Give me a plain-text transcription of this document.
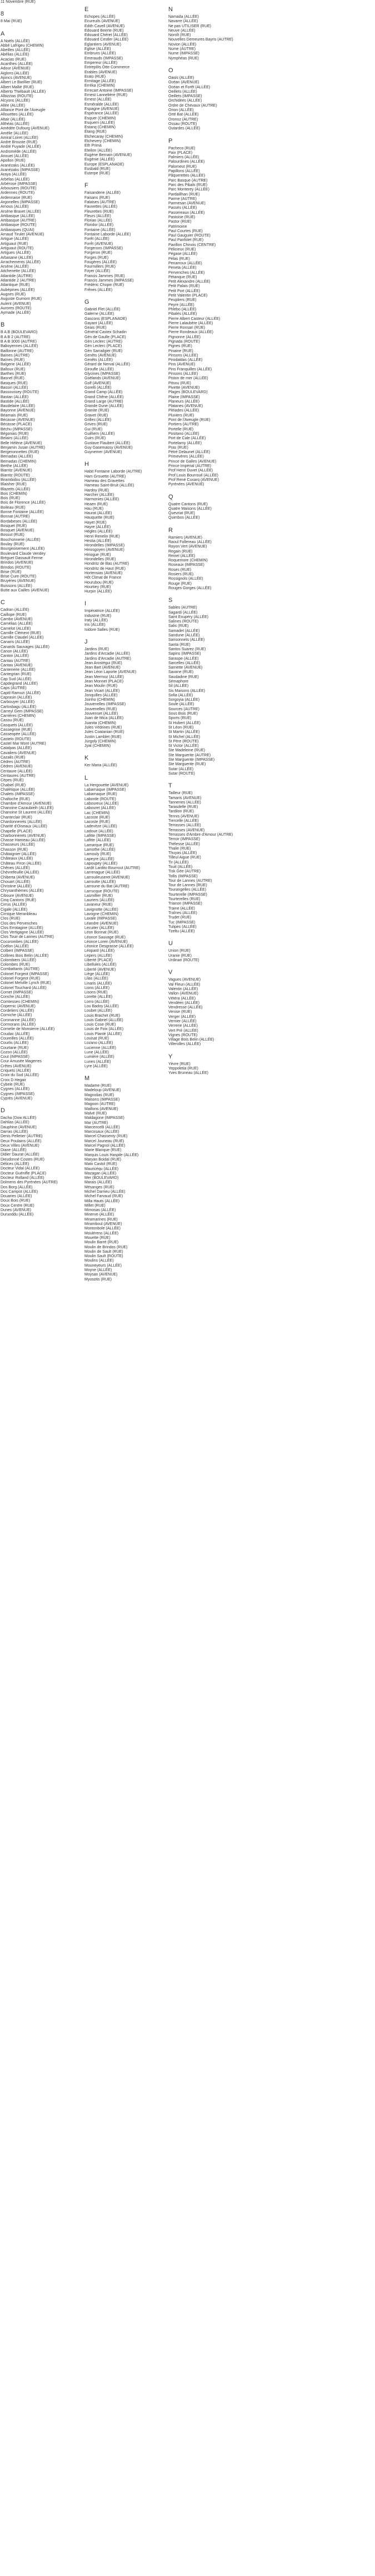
11 Novembre (RUE)
8
8 Mai (RUE)
A
A Noëls (ALLÉE)
Abbé Lafrigeu (CHEMIN)
Abeilles (ALLÉE)
Abélias (ALLÉE)
Acacias (RUE)
Acanthes (ALLÉE)
Adour (AVENUE)
Aiglons (ALLÉE)
Ajoncs (AVENUE)
Albert Le Barillier (RUE)
Albert Mallié (RUE)
Alberto Thiébault (ALLÉE)
Albizzias (ROUTE)
Alcyons (ALLÉE)
Allée (ALLÉE)
Alliance Pont de l'Aveugle
Allouettes (ALLÉE)
Altair (ALLÉE)
Althéas (ALLÉE)
Amédée Dufourg (AVENUE)
Amélie (ALLÉE)
Amiral Loiret (ALLÉE)
André Brouste (RUE)
André Fuyade (ALLÉE)
Andromède (ALLÉE)
Anouet (ALLÉE)
Apollon (RUE)
Aranézaks (ALLÉE)
Aranézaks (IMPASSE)
Araya (ALLÉE)
Arbélas (ALLÉE)
Arbérose (IMPASSE)
Arbousiers (ROUTE)
Ardennes (ROUTE)
Ardennaise (RUE)
Argonelles (IMPASSE)
Arnous (ALLÉE)
Arsène Bravet (ALLÉE)
Artibasque (ALLÉE)
Artibasque (AUTRE)
Artibasque (ROUTE)
Artibasques (QUAI)
Arnaud Tirulet (AVENUE)
Artigue (ALLÉE)
Artiguaut (RUE)
Artiguaut (ROUTE)
Artigues (ALLÉE)
Arbasane (ALLÉE)
Arrachements (ALLÉE)
Arsène (ALLÉE)
Aitchenette (ALLÉE)
Atlantide (AUTRE)
Atlantide 2 (AUTRE)
Atlantique (RUE)
Aubépines (ALLÉE)
Augnes (RUE)
Auguste Gumont (RUE)
Aulent (AVENUE)
Aurores (ROUTE)
Aymade (ALLÉE)
B
B A B (BOULEVARD)
B A B 2 (AUTRE)
B A B 3000 (AUTRE)
Baboyennes (ALLÉE)
Baillonne (AUTRE)
Baïnes (AUTRE)
Baïnes (RUE)
Balgerie (ALLÉE)
Balloux (RUE)
Barthes (RUE)
Basnel (RUE)
Basques (RUE)
Bassiri (ALLÉE)
Bassoussey (ROUTE)
Bastan (ALLÉE)
Bastide (ALLÉE)
Baudelaire (ALLÉE)
Bayonne (AVENUE)
Béarnais (RUE)
Bécasse (AVENUE)
Bécasse (PLACE)
Béchu (IMPASSE)
Bégonias (RUE)
Belairs (ALLÉE)
Belle Hélène (AVENUE)
Benjamin Jusan (AUTRE)
Bergeronnettes (RUE)
Bernadas (ALLÉE)
Bernadas (CHEMIN)
Berthe (ALLÉE)
Biarritz (AVENUE)
Biarritz (ROUTE)
Birambidou (ALLÉE)
Blaisher (RUE)
Blazetts (ALLÉE)
Bois (CHEMIN)
Bois (RUE)
Bois de Florence (ALLÉE)
Boileau (RUE)
Bonne Fontaine (ALLÉE)
Bonnat (AUTRE)
Bordabeses (ALLÉE)
Bosquet (RUE)
Bosquet (AVENUE)
Bossut (RUE)
Bouchonnerie (ALLÉE)
Boulay (RUE)
Bourgeoisement (ALLÉE)
Boulevard Claude Vendey
Bréguet Dassault Ferme
Brindos (AVENUE)
Brindos (ROUTE)
Brise (RUE)
Brise Cure (ROUTE)
Bruyères (AVENUE)
Buissons (ALLÉE)
Butte aux Cailles (AVENUE)
C
Cadran (ALLÉE)
Caillope (RUE)
Cambo (AVENUE)
Camélias (ALLÉE)
Camelot (ALLÉE)
Camille Clément (RUE)
Camille Claudel (ALLÉE)
Canaris (ALLÉE)
Canards Sauvages (ALLÉE)
Canon (ALLÉE)
Canton (ALLÉE)
Cantau (AUTRE)
Cantau (AVENUE)
Cantenerie (ALLÉE)
Cantegrian (RUE)
Cap Sud (ALLÉE)
Capdegrand (ALLÉE)
Caps (AUTRE)
Capitl Ramuzi (ALLÉE)
Caprasin (ALLÉE)
Carbouyer (ALLÉE)
Carlosbagu (ALLÉE)
Carreyl Gem (IMPASSE)
Carrières (CHEMIN)
Casou (RUE)
Casquets (ALLÉE)
Cassegrine (RUE)
Casseopée (ALLÉE)
Castelo (ROUTE)
Castel Mar Mont (AUTRE)
Catalpas (ALLÉE)
Cavaliers (AVENUE)
Cazalis (RUE)
Cèdres (AUTRE)
Cèdres (AVENUE)
Centaure (ALLÉE)
Centaures (AUTRE)
Cèpes (RUE)
Chabiel (RUE)
Chalétique (ALLÉE)
Chalets (IMPASSE)
Chaltoche (RUE)
Chambre d'Amour (AVENUE)
Chanoine Cazaubieih (ALLÉE)
Chanoine St Laurent (ALLÉE)
Chanteclair (RUE)
Chardonnerets (ALLÉE)
Charité d'Oiseaux (ALLÉE)
Chapelle (PLACE)
Charbonnerets (AVENUE)
Chasse Hameau (ALLÉE)
Chasseurs (ALLÉE)
Chasson (RUE)
Châtaignier (ALLÉE)
Châteaux (ALLÉE)
Château Piron (ALLÉE)
Chênes (ALLÉE)
Chèvrefeuille (ALLÉE)
Chiberta (AVENUE)
Chouart (ALLÉE)
Christine (ALLÉE)
Chrysanthèmes (ALLÉE)
Ciboure (AVENUE)
Cinq Cantons (RUE)
Cirrus (ALLÉE)
Cigale (ALLÉE)
Cirnique Meranbleau
Clos (RUE)
Clos des Pervenches
Clos Errotagine (ALLÉE)
Clos Vertigagne (ALLÉE)
Clos Touir de Lannes (AUTRE)
Cocorombes (ALLÉE)
Coëlon (ALLÉE)
Colbert (IMPASSE)
Collines Bois Belin (ALLÉE)
Colombiers (ALLÉE)
Colombes (RUE)
Combattants (AUTRE)
Colonel Forgeot (IMPASSE)
Colonel Forgeot (RUE)
Colonel Melville Lynch (RUE)
Colonel Touchard (ALLÉE)
Comet (IMPASSE)
Conche (ALLÉE)
Comtesses (CHEMIN)
Copernic (AVENUE)
Cordeliers (ALLÉE)
Corniche (ALLÉE)
Coronanne (ALLÉE)
Cormorans (ALLÉE)
Cornelie de Monsierre (ALLÉE)
Coudac (ALLÉE)
Coureilles (ALLÉE)
Courlis (ALLÉE)
Courtarie (RUE)
Cozon (ALLÉE)
Cout (IMPASSE)
Cour Amusée Magerres
Crêtes (AVENUE)
Criquets (ALLÉE)
Croix du Sud (ALLÉE)
Croix D Hegair
Cybele (RUE)
Cygnes (ALLÉE)
Cygnes (IMPASSE)
Cyprès (AVENUE)
D
Dacha (Dow ALLÉE)
Dahlias (ALLÉE)
Dauphine (AVENUE)
Darras (ALLÉE)
Denis Pelletier (AUTRE)
Deux Poulains (ALLÉE)
Deux Villes (AVENUE)
Diane (ALLÉE)
Didier Daurat (ALLÉE)
Dieudonné Costes (RUE)
Délices (ALLÉE)
Docteur Vidal (ALLÉE)
Docteur Guénifle (PLACE)
Docteur Rolland (ALLÉE)
Dolmens des Pyrénées (AUTRE)
Dos Borg (ALLÉE)
Dos Campot (ALLÉE)
Douanes (ALLÉE)
Doux Bois (RUE)
Doux Centre (RUE)
Dunes (AVENUE)
Duruoddu (ALLÉE)
E
Echopes (ALLÉE)
Ecureuils (AVENUE)
Edith Cavell (AVENUE)
Edouard Beerte (RUE)
Edouard Chéret (ALLÉE)
Edouard Cestler (ALLÉE)
Eglantiers (AVENUE)
Eglise (ALLÉE)
Embruns (ALLÉE)
Emerauds (IMPASSE)
Empereur (ALLÉE)
Entrepôts Otte Commerce
Erables (AVENUE)
Erato (RUE)
Ermitage (ALLÉE)
Erréka (CHEMIN)
Errecart Antoine (IMPASSE)
Ernest Lannebère (RUE)
Ernest (ALLÉE)
Esméralde (ALLÉE)
Espagne (AVENUE)
Espérance (ALLÉE)
Esquer (CHEMIN)
Esquerri (ALLÉE)
Estanq (CHEMIN)
Étang (RUE)
Etchecaray (CHEMIN)
Etchevery (CHEMIN)
Eth Prima
Eteilon (ALLÉE)
Eugène Bernain (AVENUE)
Eugénie (ALLÉE)
Europe (ESPLANADE)
Eusbald (RUE)
Euterpe (RUE)
F
Faisanderie (ALLÉE)
Faisans (RUE)
Falaises (AUTRE)
Fauvettes (ALLÉE)
Fleurettes (RUE)
Fleurs (ALLÉE)
Florian (ALLÉE)
Floridor (ALLÉE)
Fontaine (ALLÉE)
Fontaine Laborde (ALLÉE)
Forêt (ALLÉE)
Forêt (AVENUE)
Forgerons (IMPASSE)
Forgeron (RUE)
Forges (RUE)
Fougères (ALLÉE)
Fourmillers (RUE)
Foyer (ALLÉE)
Francis Jammes (RUE)
Francis Jammes (IMPASSE)
Frédéric Chopin (RUE)
Frênes (ALLÉE)
G
Gabriel Flet (ALLÉE)
Galerne (ALLÉE)
Gascons (ESPLANADE)
Gayant (ALLÉE)
Geais (RUE)
Général Castex Schadin
Gén de Gaulle (PLACE)
Gén Leclerc (AUTRE)
Gén Leclerc (PLACE)
Gén Sarrailgier (RUE)
Genêts (AVENUE)
Genêts (ALLÉE)
Gérard de Nerval (ALLÉE)
Giroufle (ALLÉE)
Glycines (IMPASSE)
Goëlands (AVENUE)
Golf (AVENUE)
Gorelli (ALLÉE)
Grand Camp (ALLÉE)
Grand Chêne (ALLÉE)
Grand Large (AUTRE)
Grande Dune (ALLÉE)
Granite (RUE)
Gravet (RUE)
Grilles (ALLÉE)
Grives (RUE)
Gui (RUE)
Guilhem (ALLÉE)
Guirs (RUE)
Gustave Flaubert (ALLÉE)
Guy Gasemassy (AVENUE)
Guynemer (AVENUE)
H
Habit Fontaine Laborde (AUTRE)
Ham Grouette (AUTRE)
Hameau des Gravettes
Hameau Saint-Bruit (ALLÉE)
Hardoy (RUE)
Harcher (ALLÉE)
Harmonies (ALLÉE)
Heaen (RUE)
Hau (RUE)
Haurat (ALLÉE)
Hauquette (RUE)
Hayet (RUE)
Hayre (ALLÉE)
Hègles (ALLÉE)
Henri Renelin (RUE)
Hestia (ALLÉE)
Hirondelles (IMPASSE)
Hiriosgoyen (AVENUE)
Hiriogue (RUE)
Hirondelles (RUE)
Hondritz de Bas (AUTRE)
Hondritz de Haut (RUE)
Hortensias (AVENUE)
Hôt Climat de France
Hourubou (RUE)
Hourtiey (RUE)
Hurpin (ALLÉE)
I
Impératrice (ALLÉE)
Industrie (RUE)
Iraty (ALLÉE)
Iris (ALLÉE)
Isidore Salles (RUE)
J
Jardins (RUE)
Jardins d'Arcadie (ALLÉE)
Jardins d'Arcadie (AUTRE)
Jean Arostégui (RUE)
Jean Bart (AVENUE)
Jean Léon Laporte (AVENUE)
Jean Mermoz (ALLÉE)
Jean Monnet (PLACE)
Jean Moulin (RUE)
Jean Vicart (ALLÉE)
Jonquilles (ALLÉE)
Joinho (CHEMIN)
Jouvenelles (IMPASSE)
Jouvenelles (RUE)
Jouvenset (ALLÉE)
Juan de Mica (ALLÉE)
Juanita (CHEMIN)
Jules Védrines (RUE)
Jules Coatanian (RUE)
Justin Lamblet (RUE)
Jurgoly (CHEMIN)
Jyat (CHEMIN)
K
Ker Maria (ALLÉE)
L
La Hergouette (AVENUE)
Labarnaque (IMPASSE)
Labarnaque (RUE)
Laborde (ROUTE)
Laboureux (ALLÉE)
Labouret (ALLÉE)
Lac (CHEMIN)
Lacoste (RUE)
Lacoste (RUE)
Ladevèze (ALLÉE)
Ladoue (ALLÉE)
Lafitte (IMPASSE)
Lafitte (ALLÉE)
Lamarque (RUE)
Lamothe (ALLÉE)
Lamouly (RUE)
Lapeyre (ALLÉE)
Lapoupey (ALLÉE)
Lardit Lardito Bourrout (AUTRE)
Larrenague (ALLÉE)
Larrouileuseret (AVENUE)
Larroutte (ALLÉE)
Larroune du Bat (AUTRE)
Larrucque (ROUTE)
Lasmillier (RUE)
Lauriers (ALLÉE)
Lavaneur (RUE)
Lavignotte (ALLÉE)
Lavogne (CHEMIN)
Laxale (IMPASSE)
Léandre (AVENUE)
Lecuiter (ALLÉE)
Léon Bonnat (RUE)
Léonce Sauvage (RUE)
Léonce Loren (AVENUE)
Léonice Desgrasse (ALLÉE)
Léopard (ALLÉE)
Lepers (ALLÉE)
Liberté (PLACE)
Libellules (ALLÉE)
Liberté (AVENUE)
Liège (ALLÉE)
Lilas (ALLÉE)
Linaris (ALLÉE)
Lions (ALLÉE)
Lisons (RUE)
Lorette (ALLÉE)
Lorro (ALLÉE)
Lou Badoy (ALLÉE)
Loubet (ALLÉE)
Louis Brachet (RUE)
Louis Gabriel (ALLÉE)
Louis Cose (RUE)
Louis de Foix (ALLÉE)
Louis Planté (ALLÉE)
Louisat (RUE)
Lozano (ALLÉE)
Lucienne (ALLÉE)
Lune (ALLÉE)
Lumière (ALLÉE)
Lunes (ALLÉE)
Lyre (ALLÉE)
M
Madame (RUE)
Madeloup (AVENUE)
Magnolias (RUE)
Maisons (IMPASSE)
Magoon (AUTRE)
Maillons (AVENUE)
Malvé (RUE)
Maldagone (IMPASSE)
Mar (AUTRE)
Marcencelli (ALLÉE)
Marcosaux (ALLÉE)
Marcel Chassenty (RUE)
Marcel Jouneau (RUE)
Marcel Pagnol (ALLÉE)
Marie Blanque (RUE)
Marquis Louis Haspile (ALLÉE)
Maryan Boidal (RUE)
Mato Castol (RUE)
Mauricéqu (ALLÉE)
Mazagan (ALLÉE)
Mer (BOULEVARD)
Marais (ALLÉE)
Mésanges (RUE)
Michel Darrieu (ALLÉE)
Michel Farvaud (RUE)
Milla Hauts (ALLÉE)
Millet (RUE)
Mimosas (ALLÉE)
Minerve (ALLÉE)
Miramarines (RUE)
Miramboul (AVENUE)
Montonbole (ALLÉE)
Moulérens (ALLÉE)
Mouette (RUE)
Moulin Barré (RUE)
Moulin de Brindos (RUE)
Moulin de Sault (RUE)
Moulin Sault (ROUTE)
Moulins (ALLÉE)
Mouneyeurs (ALLÉE)
Moyne (ALLÉE)
Moysan (AVENUE)
Myosotis (RUE)
N
Namada (ALLÉE)
Navarre (ALLÉE)
Ne pas UTILISER (RUE)
Neuve (ALLÉE)
Noroît (RUE)
Nouvelles Demeures Bayris (AUTRE)
Novion (ALLÉE)
Nume (AUTRE)
Nume (IMPASSE)
Nymphéas (RUE)
O
Oasis (ALLÉE)
Océan (AVENUE)
Océan et Forêt (ALLÉE)
Oeillets (ALLÉE)
Oeillets (IMPASSE)
Orchidées (ALLÉE)
Ordre de Chevaux (AUTRE)
Orion (ALLÉE)
Orté Bat (ALLÉE)
Oronoz (AUTRE)
Ossau (ROUTE)
Outardes (ALLÉE)
P
Pacheco (RUE)
Paix (PLACE)
Palmiers (ALLÉE)
Palourdines (ALLÉE)
Palomeut (RUE)
Papillons (ALLÉE)
Pâquerettes (ALLÉE)
Parc Basque (AUTRE)
Parc des Pibals (RUE)
Parc Monterey (ALLÉE)
Pardaillhan (RUE)
Parme (AUTRE)
Parmesan (AVENUE)
Passés (ALLÉE)
Passereaux (ALLÉE)
Pastoise (RUE)
Pastor (RUE)
Patrimoine
Paul Courtes (RUE)
Paul Gauguier (ROUTE)
Paul Panfolet (RUE)
Pavillon Chinois (CENTRE)
Pélicieux (RUE)
Pégase (ALLÉE)
Pélas (RUE)
Penarroux (ALLÉE)
Peneta (ALLÉE)
Pervenches (ALLÉE)
Pétanque (RUE)
Petit Alexandre (ALLÉE)
Petit Palais (RUE)
Petit Port (ALLÉE)
Petit Valentin (PLACE)
Peupliers (RUE)
Peyre (ALLÉE)
Phlebo (ALLÉE)
Pibalés (ALLÉE)
Pierre Albert Casteur (ALLÉE)
Pierre Lalaubère (ALLÉE)
Pierre Ronsari (RUE)
Pierre Rondeaux (ALLÉE)
Pignonne (ALLÉE)
Pignada (ROUTE)
Pignes (RUE)
Pinaine (RUE)
Pinsons (ALLÉE)
Pirodaldas (ALLÉE)
Pins (AVENUE)
Pins Franquilles (ALLÉE)
Pinsons (ALLÉE)
Piston de mer (ALLÉE)
Pitsou (RUE)
Pivette (AVENUE)
Plages (BOULEVARD)
Plaine (IMPASSE)
Planeurs (ALLÉE)
Platanes (AVENUE)
Pléiades (ALLÉE)
Pluviers (RUE)
Pont de l'Aveugle (RUE)
Portiers (AUTRE)
Portelle (RUE)
Positano (ALLÉE)
Port de Cale (ALLÉE)
Portelamy (ALLÉE)
Pras (RUE)
Pétré Delaunet (ALLÉE)
Primevères (ALLÉE)
Prince de Galles (AVENUE)
Prince Impérial (AUTRE)
Prof Henri Duvet (ALLÉE)
Prof Louis Bourrouil (ALLÉE)
Prof René Cuxarq (AVENUE)
Pyrénées (AVENUE)
Q
Quatre Cantons (RUE)
Quatre Maisons (ALLÉE)
Quevriat (RUE)
Quimbos (ALLÉE)
R
Ramiers (AVENUE)
Raoul Follereau (ALLÉE)
Rayon Vert (AVENUE)
Regain (RUE)
Reinel (ALLÉE)
Roquemore (CHEMIN)
Roseaux (IMPASSE)
Roses (RUE)
Rosiers (RUE)
Rossignols (ALLÉE)
Rouge (RUE)
Rouges Gorges (ALLÉE)
S
Sables (AUTRE)
Sagardi (ALLÉE)
Saint Exupéry (ALLÉE)
Salines (ROUTE)
Salis (RUE)
Samadet (ALLÉE)
Sandune (ALLÉE)
Sansonnets (ALLÉE)
Santa (RUE)
Santos Suarez (RUE)
Sapins (IMPASSE)
Saraspe (ALLÉE)
Sarcelles (ALLÉE)
Sarriette (AVENUE)
Savane (RUE)
Saudadine (RUE)
Sémaphore
Sil (ALLÉE)
Sis Maisons (ALLÉE)
Sofia (ALLÉE)
Sorgoyia (ALLÉE)
Soule (ALLÉE)
Sources (AUTRE)
Sous Bois (RUE)
Sports (RUE)
St Hubert (ALLÉE)
St Léon (RUE)
St Martin (ALLÉE)
St Michel (ALLÉE)
St Père (ROUTE)
St Victor (ALLÉE)
Ste Madeleine (RUE)
Ste Marguerite (AUTRE)
Ste Marguerite (IMPASSE)
Ste Marguerite (RUE)
Sutar (ALLÉE)
Sutar (ROUTE)
T
Tailleur (RUE)
Tamaris (AVENUE)
Tanneries (ALLÉE)
Tarasdelle (RUE)
Tardilon (RUE)
Tennis (AVENUE)
Tiercelle (ALLÉE)
Terrasses (ALLÉE)
Terrasses (AVENUE)
Terrasses d'Ambre d'Amour (AUTRE)
Terroir (IMPASSE)
Thélesse (ALLÉE)
Thalie (RUE)
Thuyas (ALLÉE)
Tilleul Aigue (RUE)
Tir (ALLÉE)
Touit (ALLÉE)
Tisk Gée (AUTRE)
Tollis (IMPASSE)
Tour de Lannes (AUTRE)
Tour de Lannes (RUE)
Tourangelles (ALLÉE)
Tourterelle (IMPASSE)
Tourterelles (RUE)
Trianon (IMPASSE)
Traine (ALLÉE)
Traînes (ALLÉE)
Trudet (RUE)
Tuc (IMPASSE)
Tulipes (ALLÉE)
Tzeltu (ALLÉE)
U
Union (RUE)
Uranie (RUE)
Urdinari (ROUTE)
V
Vagues (AVENUE)
Val Fleuri (ALLÉE)
Valentin (ALLÉE)
Vallon (AVENUE)
Vétéra (ALLÉE)
Vendéen (ALLÉE)
Vendresse (ALLÉE)
Venise (RUE)
Verger (ALLÉE)
Vernier (ALLÉE)
Verrerie (ALLÉE)
Vert Pré (ALLÉE)
Vignes (ROUTE)
Village Bois Belin (ALLÉE)
Villerolles (ALLÉE)
Y
Yèvre (RUE)
Yeppoletia (RUE)
Yves Bruneau (ALLÉE)
